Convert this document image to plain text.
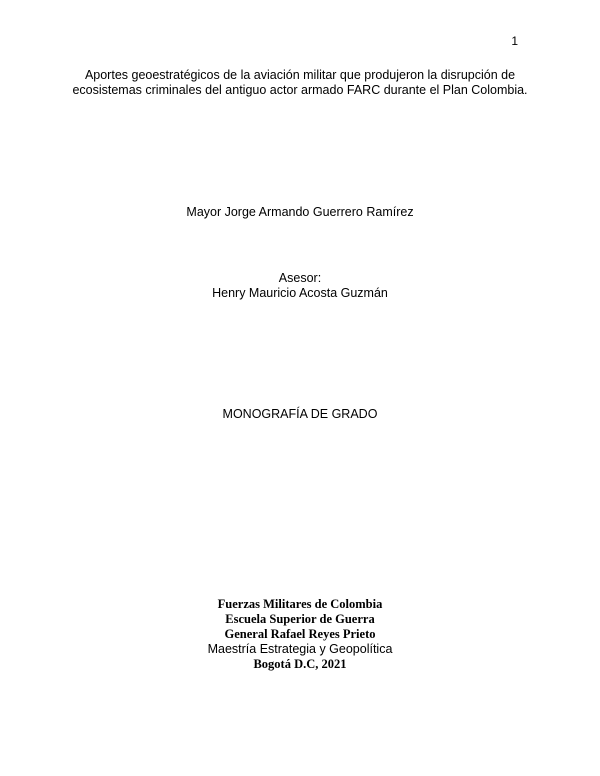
1
Aportes geoestratégicos de la aviación militar que produjeron la disrupción de
ecosistemas criminales del antiguo actor armado FARC durante el Plan Colombia.
Mayor Jorge Armando Guerrero Ramírez
Asesor:
Henry Mauricio Acosta Guzmán
MONOGRAFÍA DE GRADO
Fuerzas Militares de Colombia
Escuela Superior de Guerra
General Rafael Reyes Prieto
Maestría Estrategia y Geopolítica
Bogotá D.C, 2021
